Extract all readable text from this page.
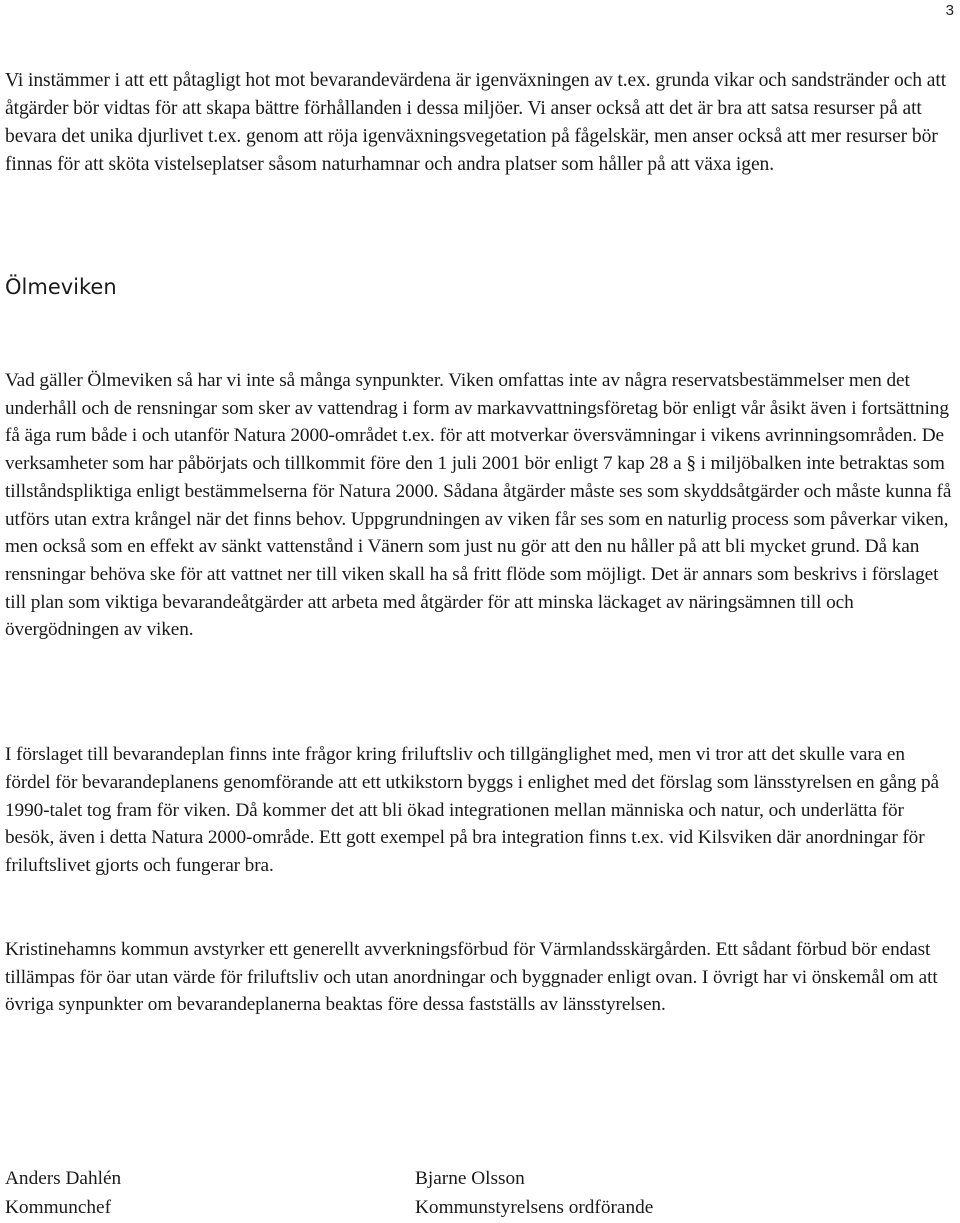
3

Vi instämmer i att ett påtagligt hot mot bevarandevärdena är igenväxningen av t.ex. grunda vikar och sandstränder och att åtgärder bör vidtas för att skapa bättre förhållanden i dessa miljöer. Vi anser också att det är bra att satsa resurser på att bevara det unika djurlivet t.ex. genom att röja igenväxningsvegetation på fågelskär, men anser också att mer resurser bör finnas för att sköta vistelseplatser såsom naturhamnar och andra platser som håller på att växa igen.

Ölmeviken

Vad gäller Ölmeviken så har vi inte så många synpunkter. Viken omfattas inte av några reservatsbestämmelser men det underhåll och de rensningar som sker av vattendrag i form av markavvattningsföretag bör enligt vår åsikt även i fortsättning få äga rum både i och utanför Natura 2000-området t.ex. för att motverkar översvämningar i vikens avrinningsområden. De verksamheter som har påbörjats och tillkommit före den 1 juli 2001 bör enligt 7 kap 28 a § i miljöbalken inte betraktas som tillståndspliktiga enligt bestämmelserna för Natura 2000. Sådana åtgärder måste ses som skyddsåtgärder och måste kunna få utförs utan extra krångel när det finns behov. Uppgrundningen av viken får ses som en naturlig process som påverkar viken, men också som en effekt av sänkt vattenstånd i Vänern som just nu gör att den nu håller på att bli mycket grund. Då kan rensningar behöva ske för att vattnet ner till viken skall ha så fritt flöde som möjligt. Det är annars som beskrivs i förslaget till plan som viktiga bevarandeåtgärder att arbeta med åtgärder för att minska läckaget av näringsämnen till och övergödningen av viken.

I förslaget till bevarandeplan finns inte frågor kring friluftsliv och tillgänglighet med, men vi tror att det skulle vara en fördel för bevarandeplanens genomförande att ett utkikstorn byggs i enlighet med det förslag som länsstyrelsen en gång på 1990-talet tog fram för viken. Då kommer det att bli ökad integrationen mellan människa och natur, och underlätta för besök, även i detta Natura 2000-område. Ett gott exempel på bra integration finns t.ex. vid Kilsviken där anordningar för friluftslivet gjorts och fungerar bra.

Kristinehamns kommun avstyrker ett generellt avverkningsförbud för Värmlandsskärgården. Ett sådant förbud bör endast tillämpas för öar utan värde för friluftsliv och utan anordningar och byggnader enligt ovan. I övrigt har vi önskemål om att övriga synpunkter om bevarandeplanerna beaktas före dessa fastställs av länsstyrelsen.

Anders Dahlén
Kommunchef
Bjarne Olsson
Kommunstyrelsens ordförande
